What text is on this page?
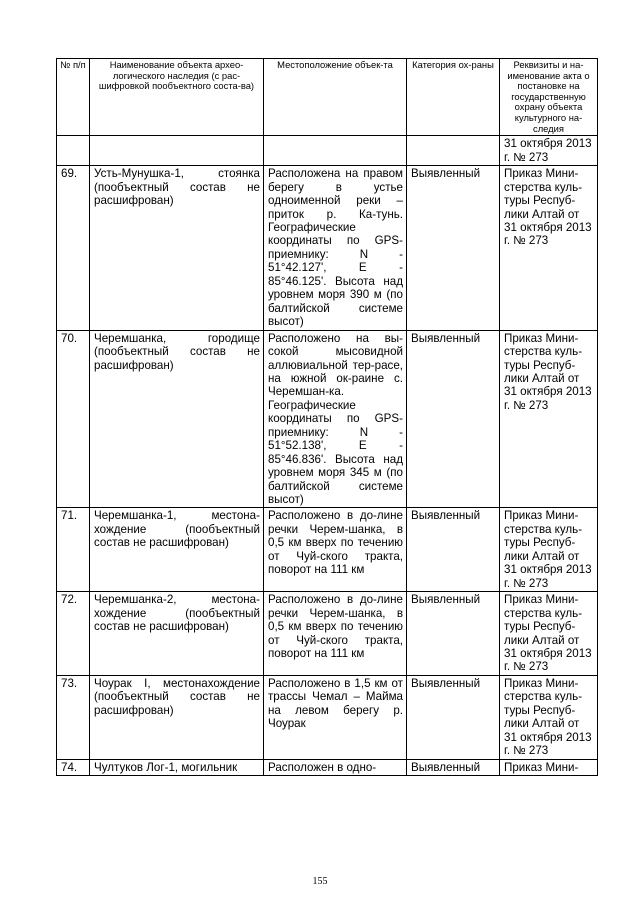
№ п/п	Наименование объекта архео-логического наследия (с рас-шифровкой пообъектного соста-ва)	Местоположение объек-та	Категория ох-раны	Реквизиты и на-именование акта о постановке на государственную охрану объекта культурного на-следия
				31 октября 2013 г. № 273
69.	Усть-Мунушка-1, стоянка (пообъектный состав не расшифрован)	Расположена на правом берегу в устье одноименной реки – приток р. Ка-тунь. Географические координаты по GPS-приемнику: N - 51°42.127', E - 85°46.125'. Высота над уровнем моря 390 м (по балтийской системе высот)	Выявленный	Приказ Мини-стерства куль-туры Респуб-лики Алтай от 31 октября 2013 г. № 273
70.	Черемшанка, городище (пообъектный состав не расшифрован)	Расположено на вы-сокой мысовидной аллювиальной тер-расе, на южной ок-раине с. Черемшан-ка. Географические координаты по GPS-приемнику: N - 51°52.138', E - 85°46.836'. Высота над уровнем моря 345 м (по балтийской системе высот)	Выявленный	Приказ Мини-стерства куль-туры Респуб-лики Алтай от 31 октября 2013 г. № 273
71.	Черемшанка-1, местона-хождение (пообъектный состав не расшифрован)	Расположено в до-лине речки Черем-шанка, в 0,5 км вверх по течению от Чуй-ского тракта, поворот на 111 км	Выявленный	Приказ Мини-стерства куль-туры Респуб-лики Алтай от 31 октября 2013 г. № 273
72.	Черемшанка-2, местона-хождение (пообъектный состав не расшифрован)	Расположено в до-лине речки Черем-шанка, в 0,5 км вверх по течению от Чуй-ского тракта, поворот на 111 км	Выявленный	Приказ Мини-стерства куль-туры Респуб-лики Алтай от 31 октября 2013 г. № 273
73.	Чоурак I, местонахождение (пообъектный состав не расшифрован)	Расположено в 1,5 км от трассы Чемал – Майма на левом берегу р. Чоурак	Выявленный	Приказ Мини-стерства куль-туры Респуб-лики Алтай от 31 октября 2013 г. № 273
74.	Чултуков Лог-1, могильник	Расположен в одно-	Выявленный	Приказ Мини-
155
